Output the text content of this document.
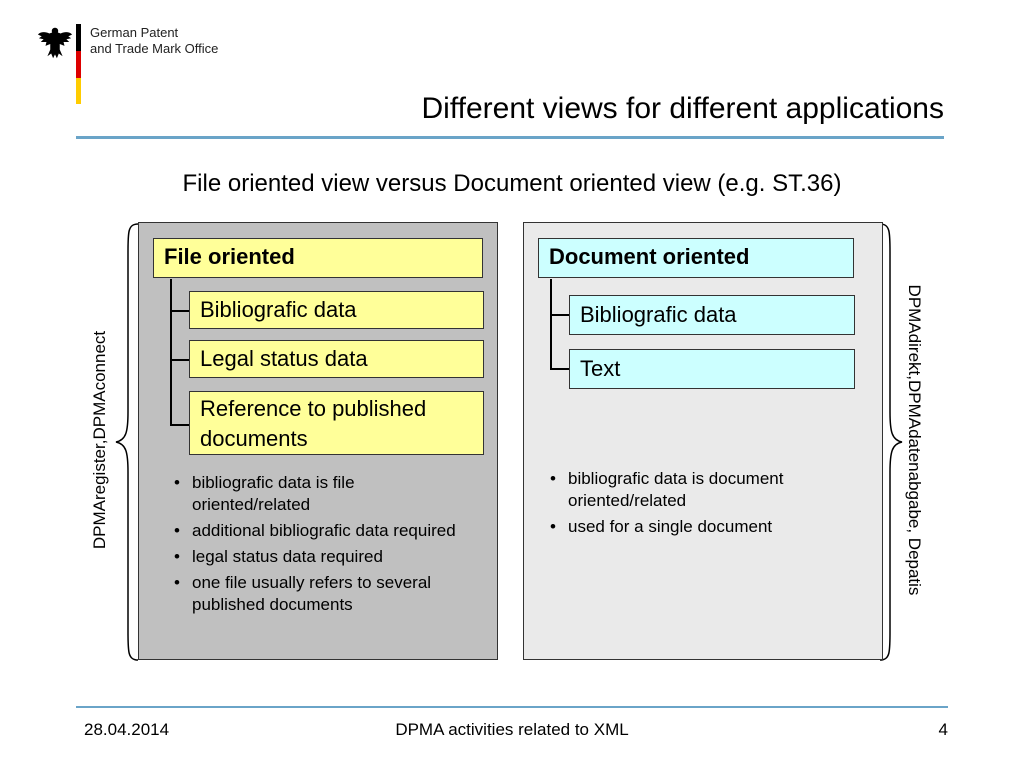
German Patent
and Trade Mark Office
Different views for different applications
File oriented view versus Document oriented view (e.g. ST.36)
DPMAregister,DPMAconnect	DPMAdirekt,DPMAdatenabgabe, Depatis
File oriented
Bibliografic data
Legal status data
Reference to published documents
• bibliografic data is file oriented/related
• additional bibliografic data required
• legal status data required
• one file usually refers to several published documents
Document oriented
Bibliografic data
Text
• bibliografic data is document oriented/related
• used for a single document
28.04.2014	DPMA activities related to XML	4
